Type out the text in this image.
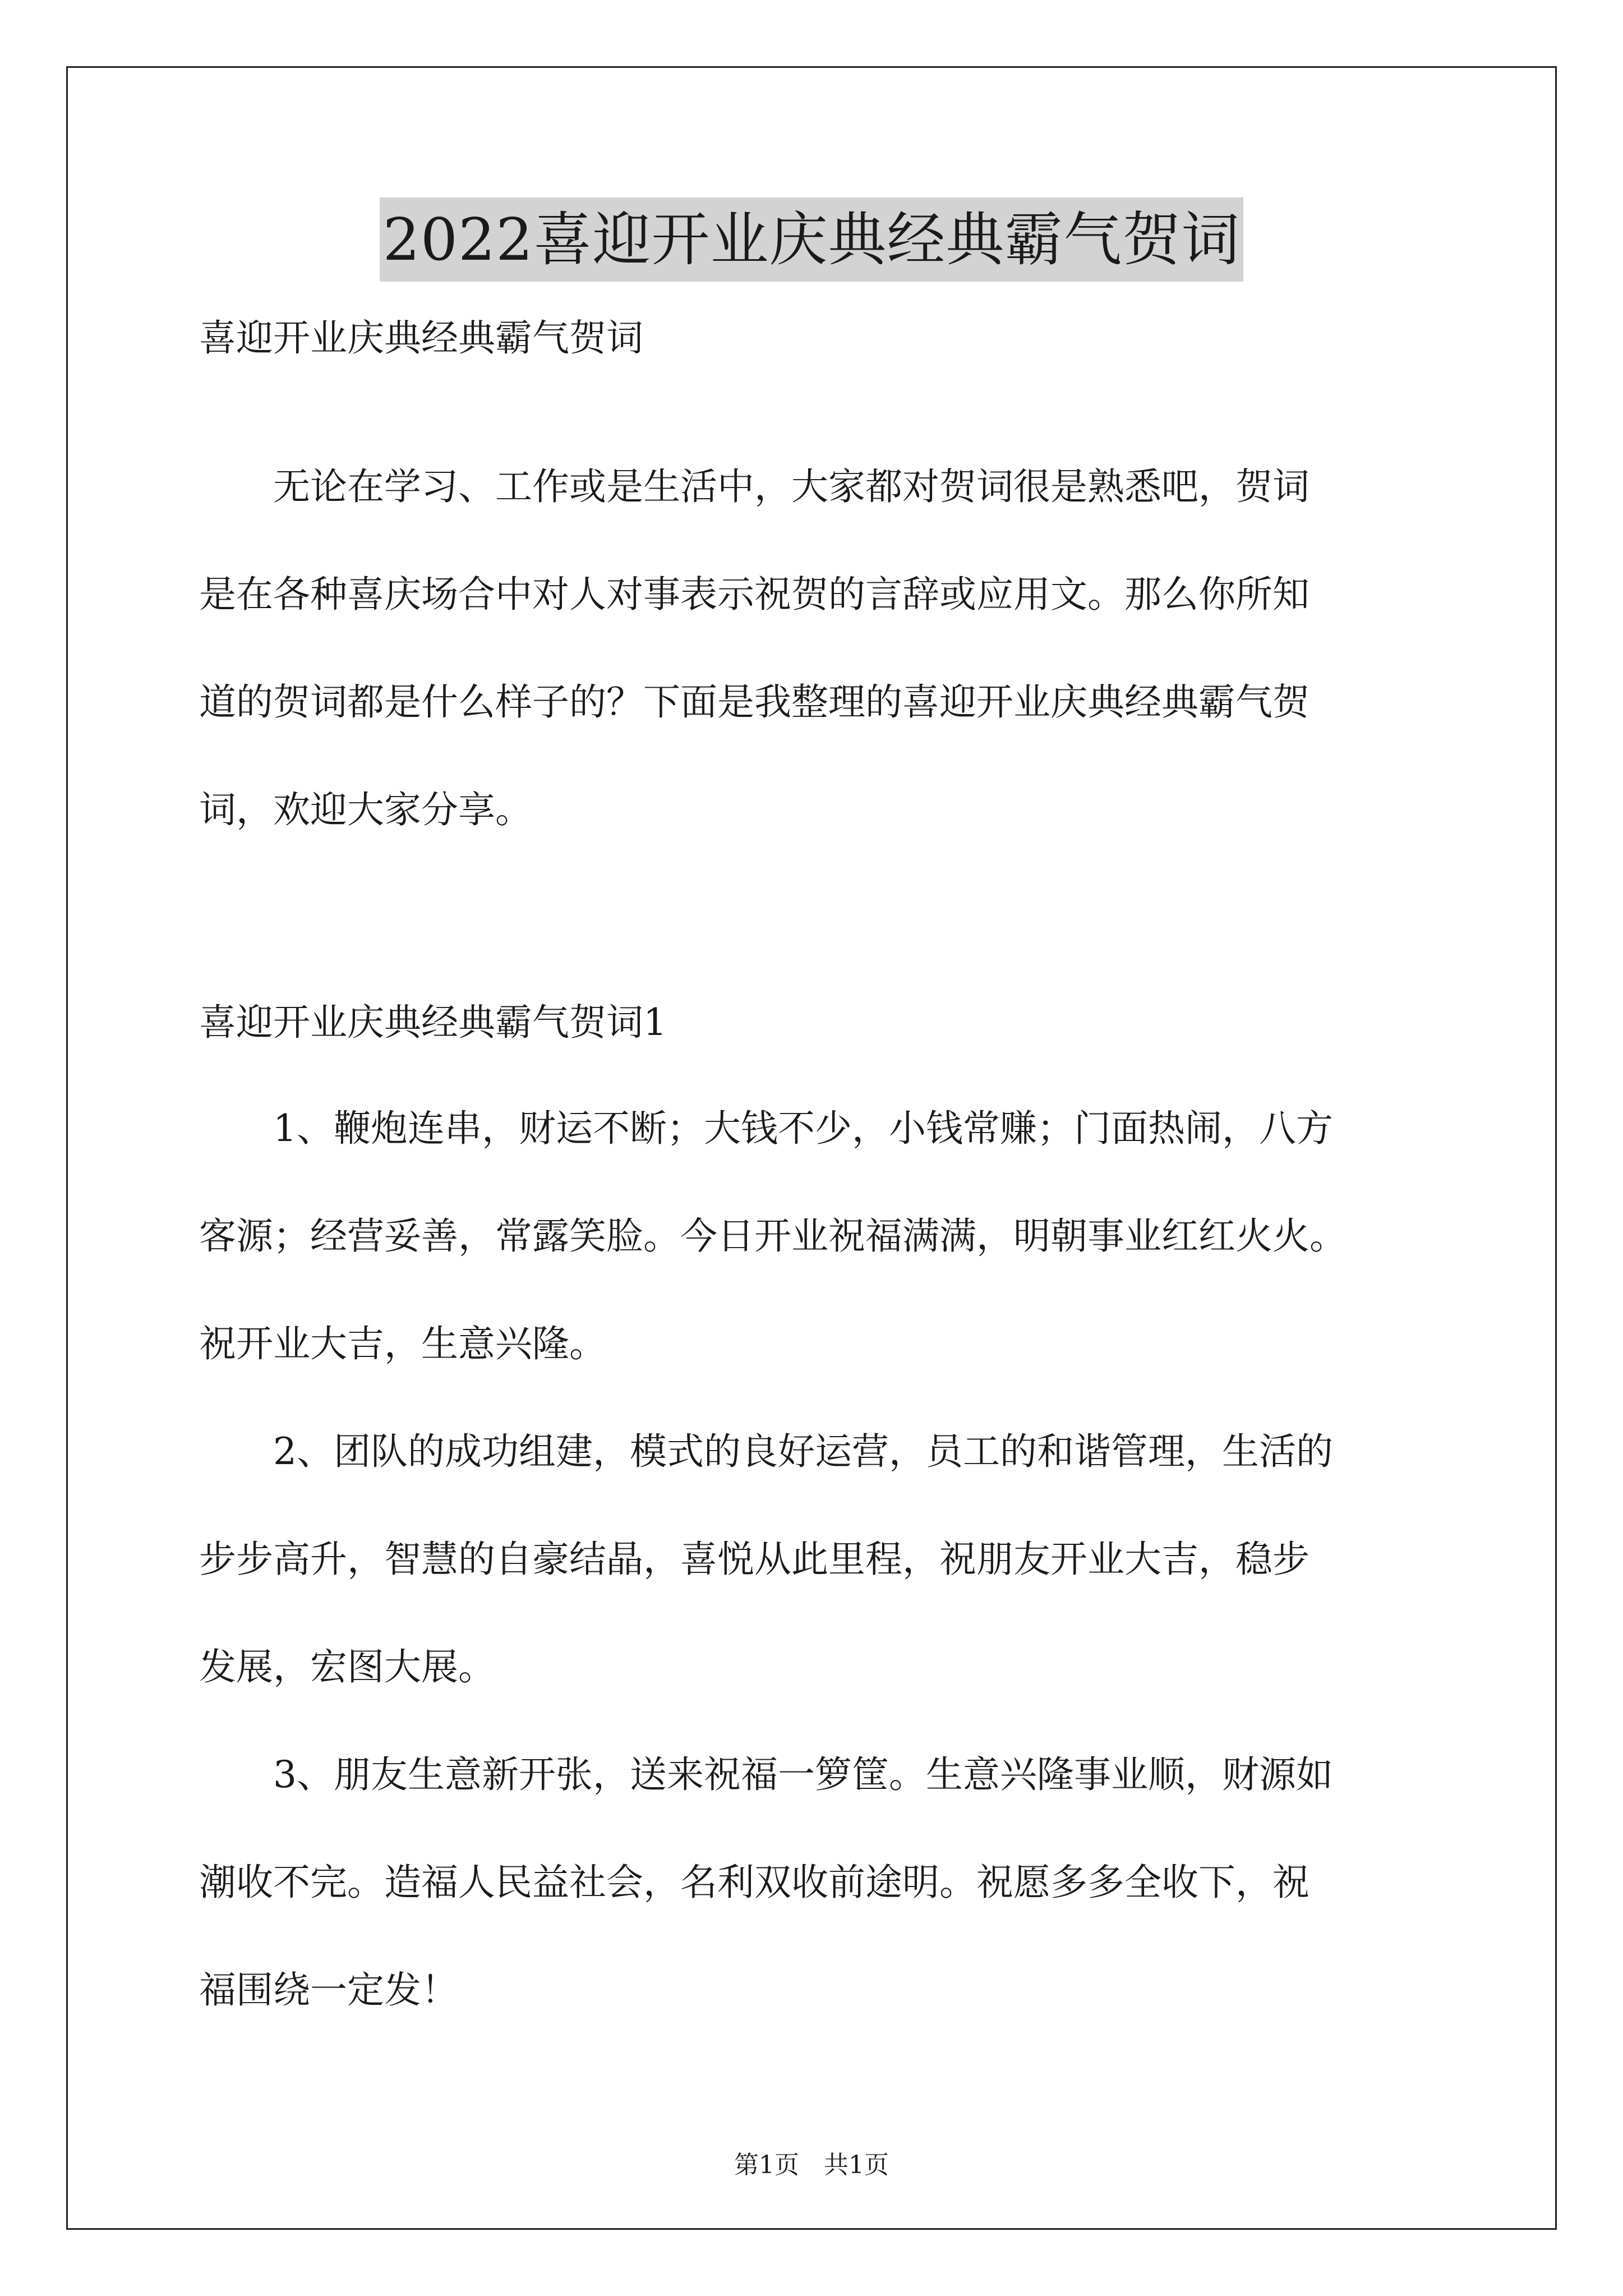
2022喜迎开业庆典经典霸气贺词
喜迎开业庆典经典霸气贺词
　　无论在学习、工作或是生活中，大家都对贺词很是熟悉吧，贺词
是在各种喜庆场合中对人对事表示祝贺的言辞或应用文。那么你所知
道的贺词都是什么样子的？下面是我整理的喜迎开业庆典经典霸气贺
词，欢迎大家分享。
喜迎开业庆典经典霸气贺词1
　　1、鞭炮连串，财运不断；大钱不少，小钱常赚；门面热闹，八方
客源；经营妥善，常露笑脸。今日开业祝福满满，明朝事业红红火火。
祝开业大吉，生意兴隆。
　　2、团队的成功组建，模式的良好运营，员工的和谐管理，生活的
步步高升，智慧的自豪结晶，喜悦从此里程，祝朋友开业大吉，稳步
发展，宏图大展。
　　3、朋友生意新开张，送来祝福一箩筐。生意兴隆事业顺，财源如
潮收不完。造福人民益社会，名利双收前途明。祝愿多多全收下，祝
福围绕一定发！
第1页　共1页
